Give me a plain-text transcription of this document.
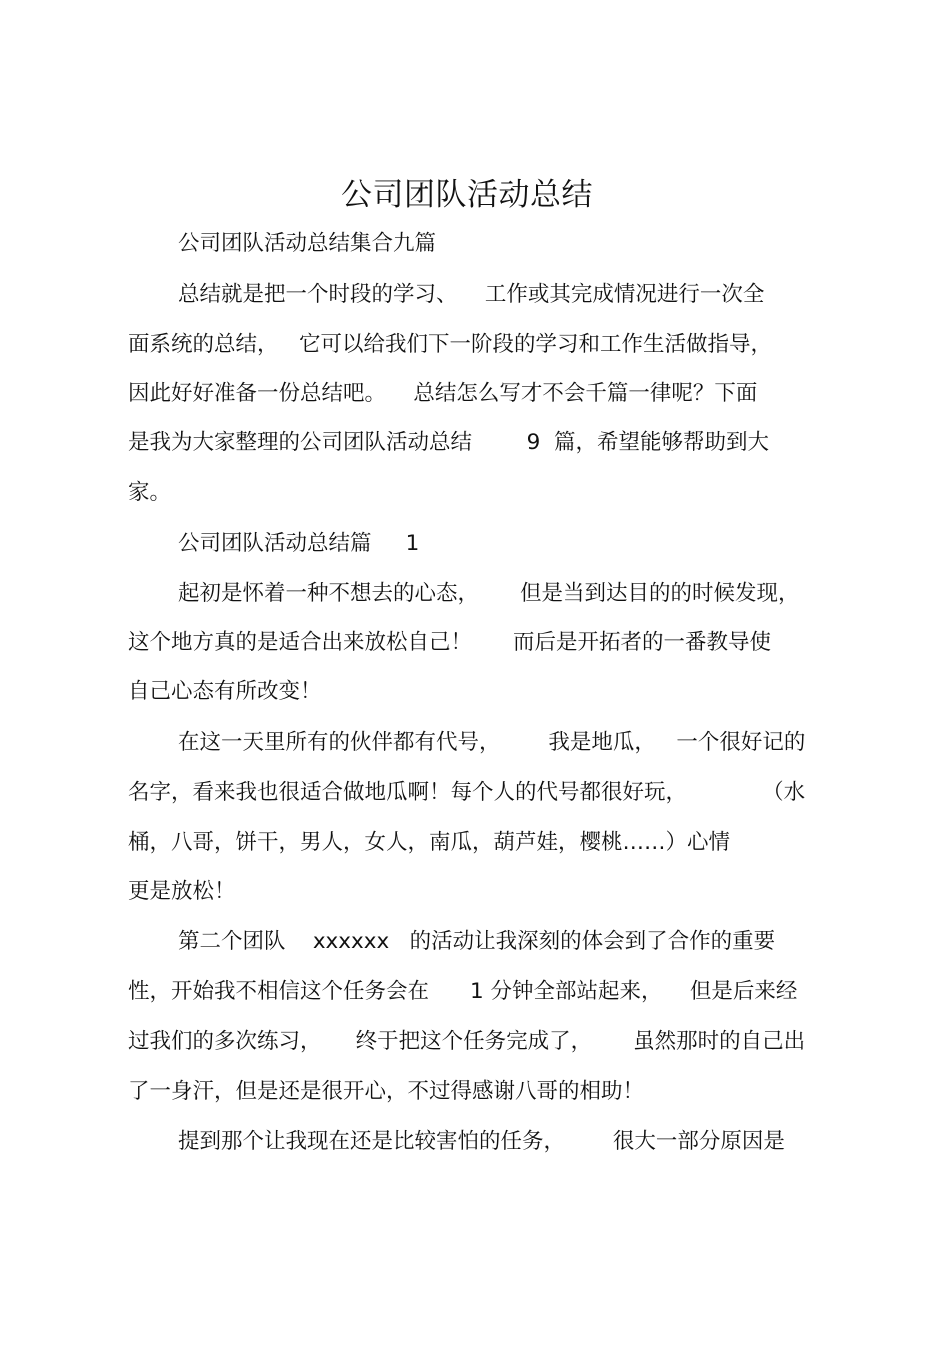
公司团队活动总结

公司团队活动总结集合九篇

总结就是把一个时段的学习、    工作或其完成情况进行一次全

面系统的总结，   它可以给我们下一阶段的学习和工作生活做指导，

因此好好准备一份总结吧。    总结怎么写才不会千篇一律呢？下面

是我为大家整理的公司团队活动总结        9  篇，希望能够帮助到大

家。

公司团队活动总结篇     1

起初是怀着一种不想去的心态，      但是当到达目的的时候发现，

这个地方真的是适合出来放松自己！      而后是开拓者的一番教导使

自己心态有所改变！

在这一天里所有的伙伴都有代号，       我是地瓜，   一个很好记的

名字，看来我也很适合做地瓜啊！每个人的代号都很好玩，           （水

桶，八哥，饼干，男人，女人，南瓜，葫芦娃，樱桃……）心情

更是放松！

第二个团队    xxxxxx   的活动让我深刻的体会到了合作的重要

性，开始我不相信这个任务会在      1 分钟全部站起来，    但是后来经

过我们的多次练习，     终于把这个任务完成了，      虽然那时的自己出

了一身汗，但是还是很开心，不过得感谢八哥的相助！

提到那个让我现在还是比较害怕的任务，       很大一部分原因是
